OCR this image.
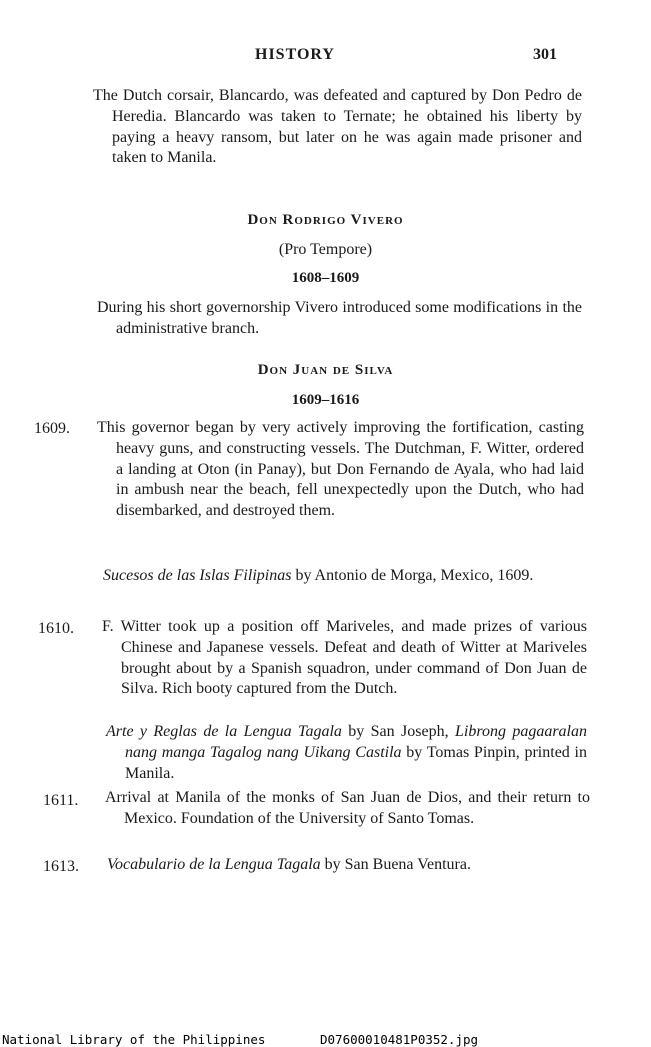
HISTORY	301

The Dutch corsair, Blancardo, was defeated and captured by Don Pedro de Heredia. Blancardo was taken to Ternate; he obtained his liberty by paying a heavy ransom, but later on he was again made prisoner and taken to Manila.

Don Rodrigo Vivero
(Pro Tempore)
1608–1609

During his short governorship Vivero introduced some modifications in the administrative branch.

Don Juan de Silva
1609–1616
1609. This governor began by very actively improving the fortification, casting heavy guns, and constructing vessels. The Dutchman, F. Witter, ordered a landing at Oton (in Panay), but Don Fernando de Ayala, who had laid in ambush near the beach, fell unexpectedly upon the Dutch, who had disembarked, and destroyed them.

Sucesos de las Islas Filipinas by Antonio de Morga, Mexico, 1609.

1610. F. Witter took up a position off Mariveles, and made prizes of various Chinese and Japanese vessels. Defeat and death of Witter at Mariveles brought about by a Spanish squadron, under command of Don Juan de Silva. Rich booty captured from the Dutch.

Arte y Reglas de la Lengua Tagala by San Joseph, Librong pagaaralan nang manga Tagalog nang Uikang Castila by Tomas Pinpin, printed in Manila.

1611. Arrival at Manila of the monks of San Juan de Dios, and their return to Mexico. Foundation of the University of Santo Tomas.

1613. Vocabulario de la Lengua Tagala by San Buena Ventura.

National Library of the Philippines	D07600010481P0352.jpg
